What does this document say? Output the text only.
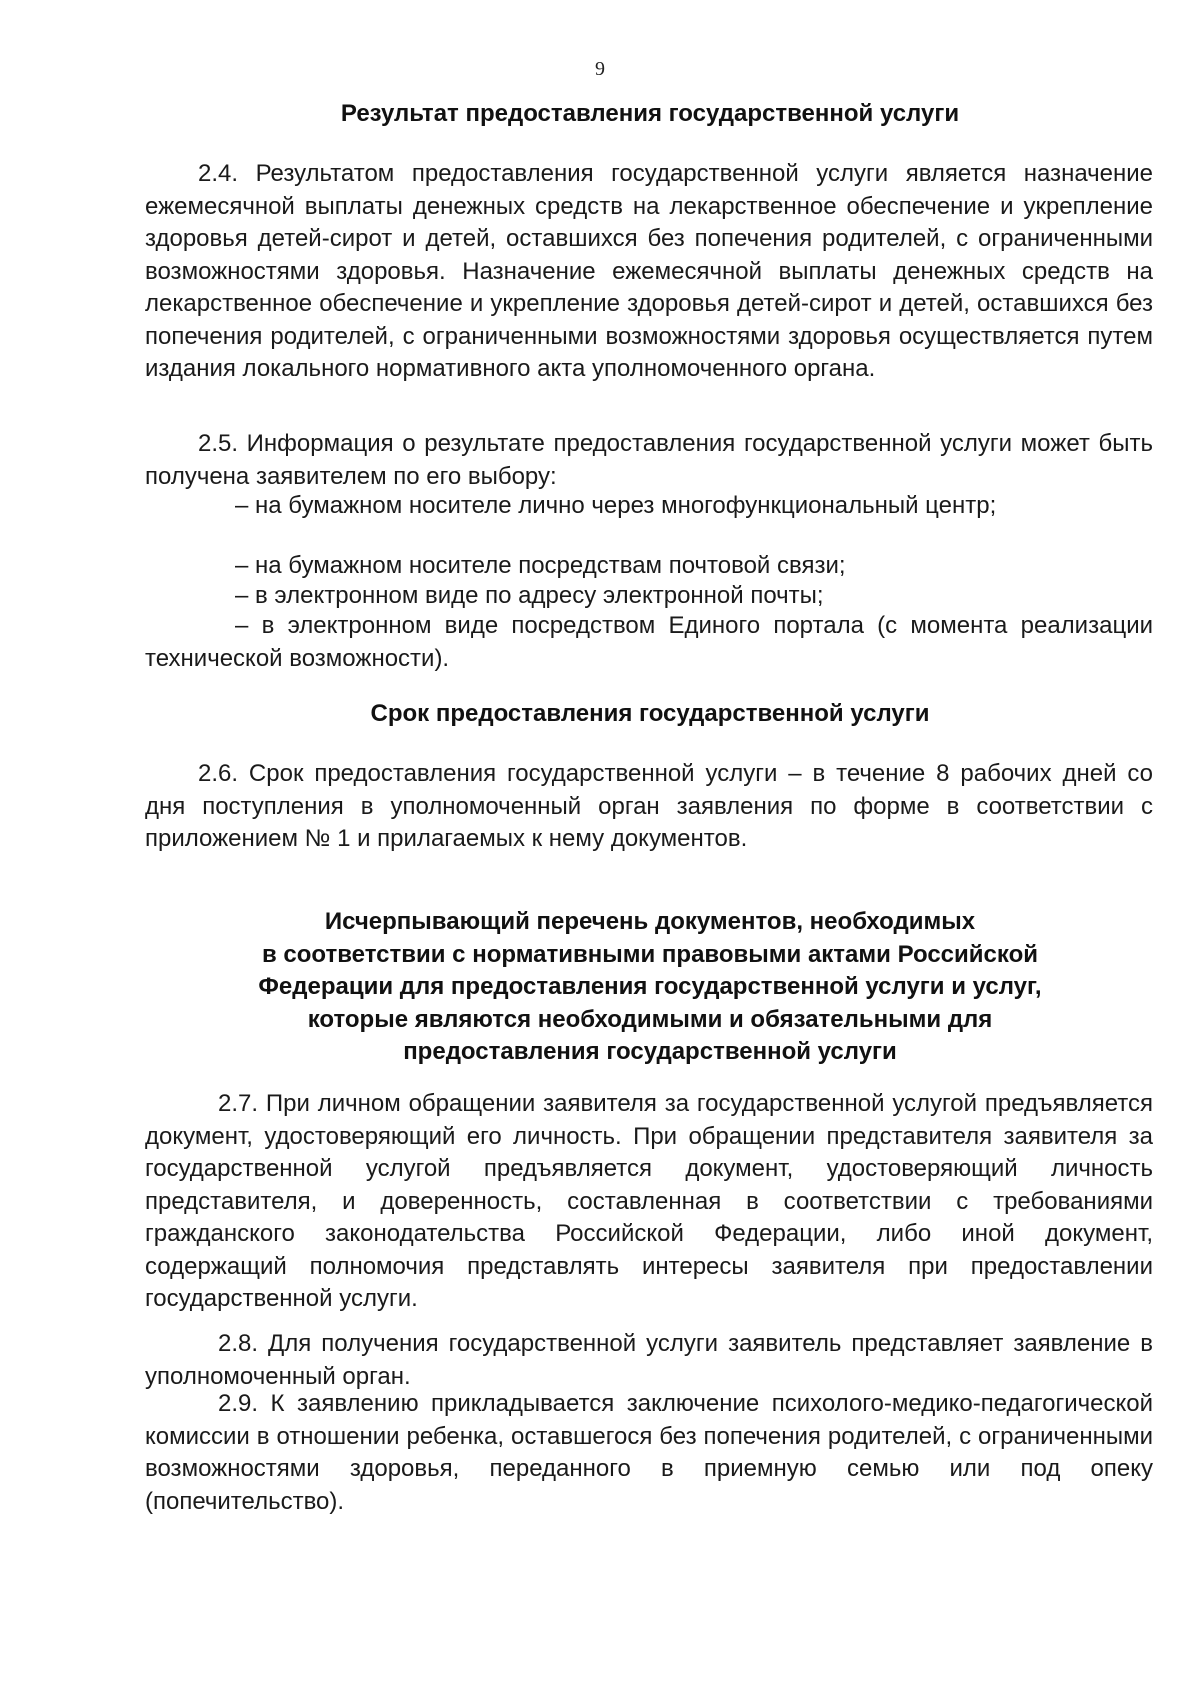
9
Результат предоставления государственной услуги
2.4. Результатом предоставления государственной услуги является назначение ежемесячной выплаты денежных средств на лекарственное обеспечение и укрепление здоровья детей-сирот и детей, оставшихся без попечения родителей, с ограниченными возможностями здоровья. Назначение ежемесячной выплаты денежных средств на лекарственное обеспечение и укрепление здоровья детей-сирот и детей, оставшихся без попечения родителей, с ограниченными возможностями здоровья осуществляется путем издания локального нормативного акта уполномоченного органа.
2.5. Информация о результате предоставления государственной услуги может быть получена заявителем по его выбору:
– на бумажном носителе лично через многофункциональный центр;
– на бумажном носителе посредствам почтовой связи;
– в электронном виде по адресу электронной почты;
– в электронном виде посредством Единого портала (с момента реализации технической возможности).
Срок предоставления государственной услуги
2.6. Срок предоставления государственной услуги – в течение 8 рабочих дней со дня поступления в уполномоченный орган заявления по форме в соответствии с приложением № 1 и прилагаемых к нему документов.
Исчерпывающий перечень документов, необходимых
в соответствии с нормативными правовыми актами Российской
Федерации для предоставления государственной услуги и услуг,
которые являются необходимыми и обязательными для
предоставления государственной услуги
2.7. При личном обращении заявителя за государственной услугой предъявляется документ, удостоверяющий его личность. При обращении представителя заявителя за государственной услугой предъявляется документ, удостоверяющий личность представителя, и доверенность, составленная в соответствии с требованиями гражданского законодательства Российской Федерации, либо иной документ, содержащий полномочия представлять интересы заявителя при предоставлении государственной услуги.
2.8. Для получения государственной услуги заявитель представляет заявление в уполномоченный орган.
2.9. К заявлению прикладывается заключение психолого-медико-педагогической комиссии в отношении ребенка, оставшегося без попечения родителей, с ограниченными возможностями здоровья, переданного в приемную семью или под опеку (попечительство).
